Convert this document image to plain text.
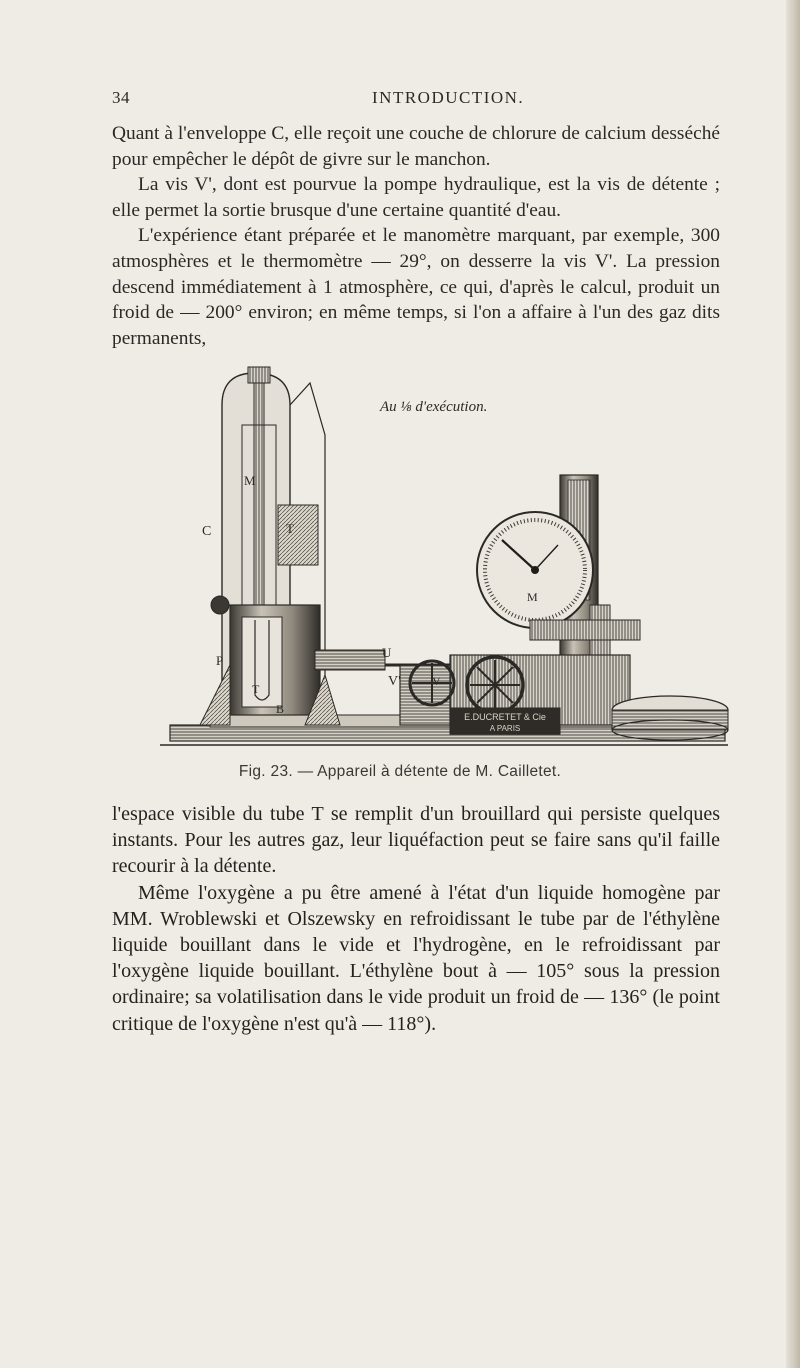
34	INTRODUCTION.

Quant à l'enveloppe C, elle reçoit une couche de chlorure de calcium desséché pour empêcher le dépôt de givre sur le manchon.

La vis V', dont est pourvue la pompe hydraulique, est la vis de détente ; elle permet la sortie brusque d'une certaine quantité d'eau.

L'expérience étant préparée et le manomètre marquant, par exemple, 300 atmosphères et le thermomètre — 29°, on desserre la vis V'. La pression descend immédiatement à 1 atmosphère, ce qui, d'après le calcul, produit un froid de — 200° environ; en même temps, si l'on a affaire à l'un des gaz dits permanents,

Au ⅛ d'exécution.
E.DUCRETET & Cie
A PARIS
C
M
T
P
T
B
V'	V
M
U
Fig. 23. — Appareil à détente de M. Cailletet.

l'espace visible du tube T se remplit d'un brouillard qui persiste quelques instants. Pour les autres gaz, leur liquéfaction peut se faire sans qu'il faille recourir à la détente.

Même l'oxygène a pu être amené à l'état d'un liquide homogène par MM. Wroblewski et Olszewsky en refroidissant le tube par de l'éthylène liquide bouillant dans le vide et l'hydrogène, en le refroidissant par l'oxygène liquide bouillant. L'éthylène bout à — 105° sous la pression ordinaire; sa volatilisation dans le vide produit un froid de — 136° (le point critique de l'oxygène n'est qu'à — 118°).
